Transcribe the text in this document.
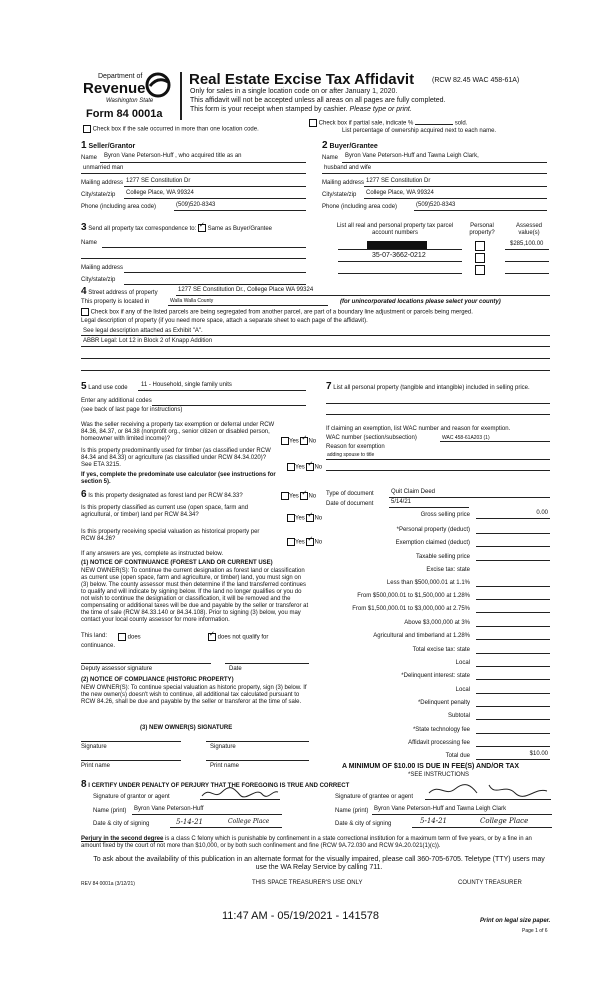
Department of
Revenue
Washington State
Form 84 0001a
Real Estate Excise Tax Affidavit	(RCW 82.45 WAC 458-61A)
Only for sales in a single location code on or after January 1, 2020.
This affidavit will not be accepted unless all areas on all pages are fully completed.
This form is your receipt when stamped by cashier. Please type or print.
Check box if the sale occurred in more than one location code.
Check box if partial sale, indicate %	sold.
List percentage of ownership acquired next to each name.
1 Seller/Grantor
Name Byron Vane Peterson-Huff , who acquired title as an
unmarried man
Mailing address 1277 SE Constitution Dr
City/state/zip College Place, WA 99324
Phone (including area code)	(509)520-8343
2 Buyer/Grantee
Name Byron Vane Peterson-Huff and Tawna Leigh Clark,
husband and wife
Mailing address 1277 SE Constitution Dr
City/state/zip College Place, WA 99324
Phone (including area code)	(509)520-8343
3 Send all property tax correspondence to: ✓ Same as Buyer/Grantee
Name
Mailing address
City/state/zip
List all real and personal property tax parcel account numbers
Personal property?
Assessed value(s)
35-07-3662-0212
$285,100.00
4 Street address of property	1277 SE Constitution Dr., College Place WA 99324
This property is located in	Walla Walla County	(for unincorporated locations please select your county)
Check box if any of the listed parcels are being segregated from another parcel, are part of a boundary line adjustment or parcels being merged.
Legal description of property (if you need more space, attach a separate sheet to each page of the affidavit).
See legal description attached as Exhibit "A".
ABBR Legal: Lot 12 in Block 2 of Knapp Addition
5 Land use code 11 - Household, single family units
Enter any additional codes
(see back of last page for instructions)
Was the seller receiving a property tax exemption or deferral under RCW 84.36, 84.37, or 84.38 (nonprofit org., senior citizen or disabled person, homeowner with limited income)?	Yes ✓ No
Is this property predominantly used for timber (as classified under RCW 84.34 and 84.33) or agriculture (as classified under RCW 84.34.020)? See ETA 3215.	Yes ✓ No
If yes, complete the predominate use calculator (see instructions for section 5).
6 Is this property designated as forest land per RCW 84.33?	Yes ✓ No
Is this property classified as current use (open space, farm and agricultural, or timber) land per RCW 84.34?
Yes ✓ No
Is this property receiving special valuation as historical property per RCW 84.26?
Yes ✓ No
If any answers are yes, complete as instructed below.
(1) NOTICE OF CONTINUANCE (FOREST LAND OR CURRENT USE)
NEW OWNER(S): To continue the current designation as forest land or classification as current use (open space, farm and agriculture, or timber) land, you must sign on (3) below. The county assessor must then determine if the land transferred continues to qualify and will indicate by signing below. If the land no longer qualifies or you do not wish to continue the designation or classification, it will be removed and the compensating or additional taxes will be due and payable by the seller or transferor at the time of sale (RCW 84.33.140 or 84.34.108). Prior to signing (3) below, you may contact your local county assessor for more information.
This land:	does ✓	does not qualify for
continuance.
Deputy assessor signature	Date
(2) NOTICE OF COMPLIANCE (HISTORIC PROPERTY)
NEW OWNER(S): To continue special valuation as historic property, sign (3) below. If the new owner(s) doesn't wish to continue, all additional tax calculated pursuant to RCW 84.26, shall be due and payable by the seller or transferor at the time of sale.
(3) NEW OWNER(S) SIGNATURE
Signature	Signature
Print name	Print name
7 List all personal property (tangible and intangible) included in selling price.
If claiming an exemption, list WAC number and reason for exemption.
WAC number (section/subsection)	WAC 458-61A203 (1)
Reason for exemption
adding spouse to title
Type of document	Quit Claim Deed
Date of document	5/14/21
Gross selling price	0.00
*Personal property (deduct)
Exemption claimed (deduct)
Taxable selling price
Excise tax: state
Less than $500,000.01 at 1.1%
From $500,000.01 to $1,500,000 at 1.28%
From $1,500,000.01 to $3,000,000 at 2.75%
Above $3,000,000 at 3%
Agricultural and timberland at 1.28%
Total excise tax: state
Local
*Delinquent interest: state
Local
*Delinquent penalty
Subtotal
*State technology fee
Affidavit processing fee
Total due	$10.00
A MINIMUM OF $10.00 IS DUE IN FEE(S) AND/OR TAX
*SEE INSTRUCTIONS
8 I CERTIFY UNDER PENALTY OF PERJURY THAT THE FOREGOING IS TRUE AND CORRECT
Signature of grantor or agent	Signature of grantee or agent
Name (print) Byron Vane Peterson-Huff	Name (print) Byron Vane Peterson-Huff and Tawna Leigh Clark
Date & city of signing	5-14-21	College Place	Date & city of signing	5-14-21	College Place
Perjury in the second degree is a class C felony which is punishable by confinement in a state correctional institution for a maximum term of five years, or by a fine in an amount fixed by the court of not more than $10,000, or by both such confinement and fine (RCW 9A.72.030 and RCW 9A.20.021(1)(c)).
To ask about the availability of this publication in an alternate format for the visually impaired, please call 360-705-6705. Teletype (TTY) users may use the WA Relay Service by calling 711.
REV 84 0001a (3/12/21)	THIS SPACE TREASURER'S USE ONLY	COUNTY TREASURER
11:47 AM - 05/19/2021 - 141578	Print on legal size paper.
Page 1 of 6
